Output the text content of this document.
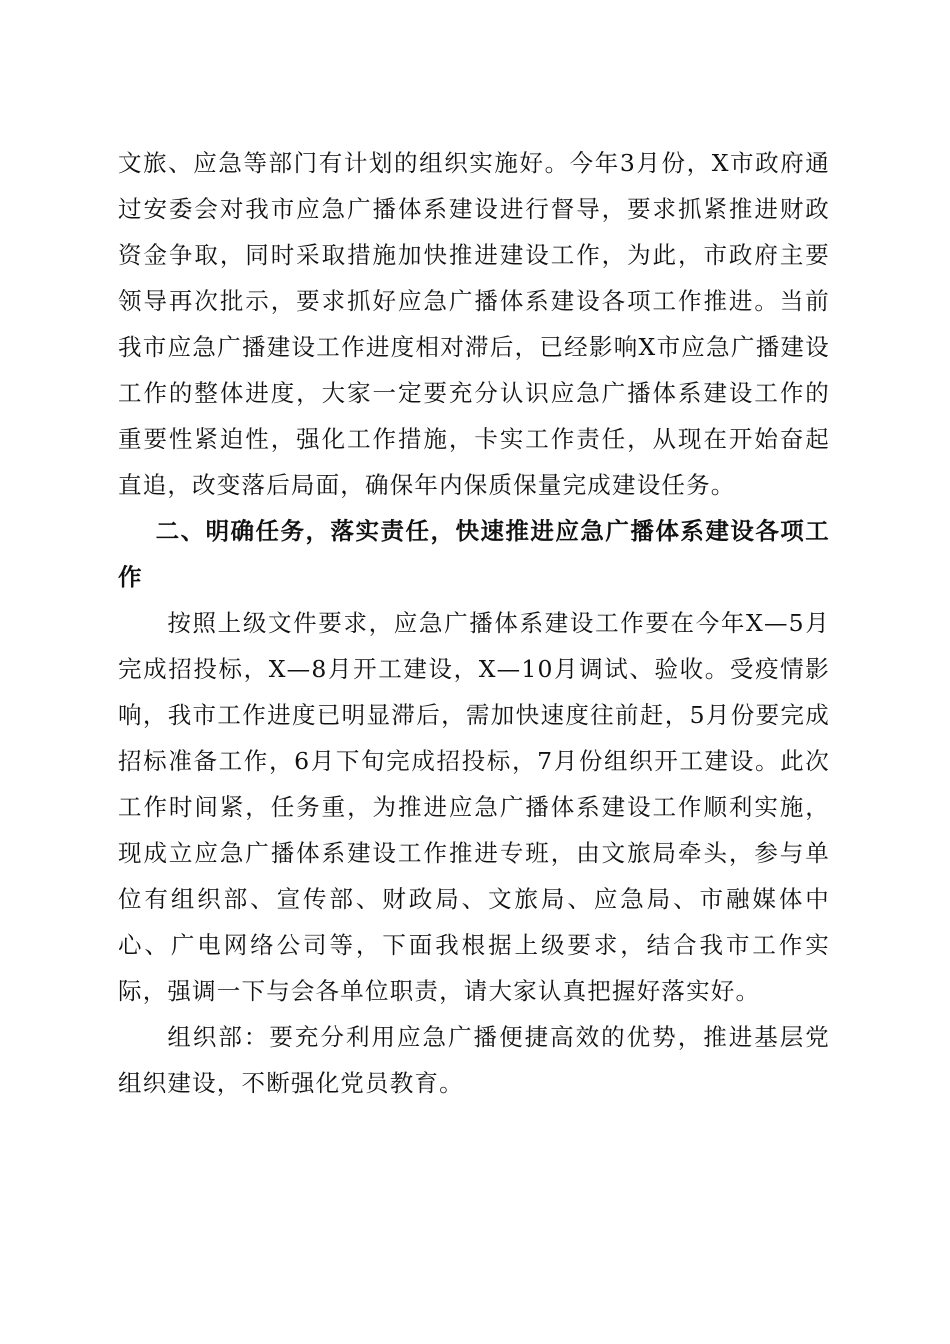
文旅、应急等部门有计划的组织实施好。今年3月份，X市政府通过安委会对我市应急广播体系建设进行督导，要求抓紧推进财政资金争取，同时采取措施加快推进建设工作，为此，市政府主要领导再次批示，要求抓好应急广播体系建设各项工作推进。当前我市应急广播建设工作进度相对滞后，已经影响X市应急广播建设工作的整体进度，大家一定要充分认识应急广播体系建设工作的重要性紧迫性，强化工作措施，卡实工作责任，从现在开始奋起直追，改变落后局面，确保年内保质保量完成建设任务。

二、明确任务，落实责任，快速推进应急广播体系建设各项工作

按照上级文件要求，应急广播体系建设工作要在今年X—5月完成招投标，X—8月开工建设，X—10月调试、验收。受疫情影响，我市工作进度已明显滞后，需加快速度往前赶，5月份要完成招标准备工作，6月下旬完成招投标，7月份组织开工建设。此次工作时间紧，任务重，为推进应急广播体系建设工作顺利实施，现成立应急广播体系建设工作推进专班，由文旅局牵头，参与单位有组织部、宣传部、财政局、文旅局、应急局、市融媒体中心、广电网络公司等，下面我根据上级要求，结合我市工作实际，强调一下与会各单位职责，请大家认真把握好落实好。

组织部：要充分利用应急广播便捷高效的优势，推进基层党组织建设，不断强化党员教育。
